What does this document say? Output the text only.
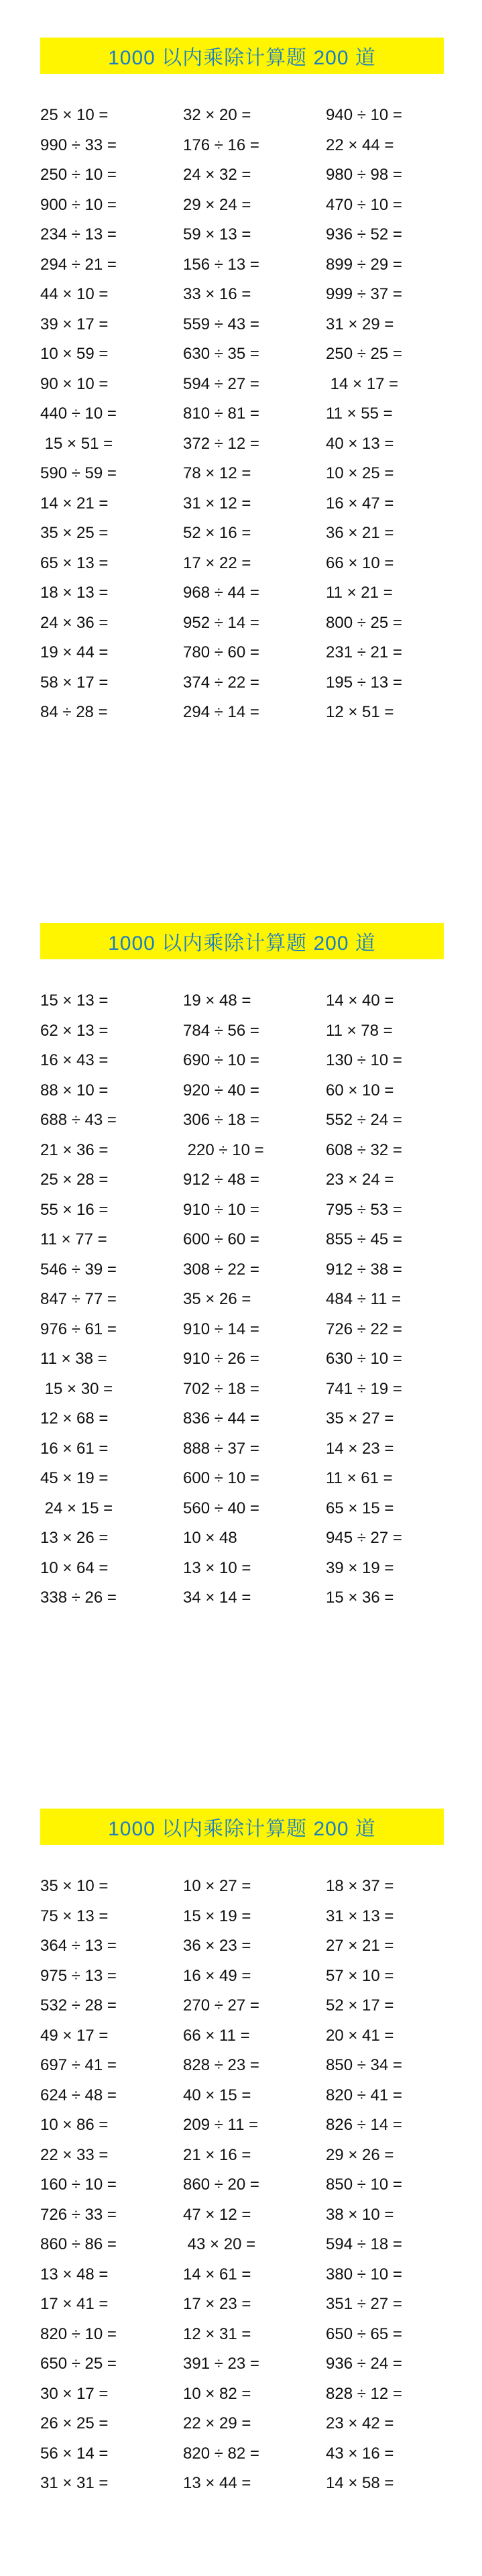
1000 以内乘除计算题 200 道
25 × 10 =	32 × 20 =	940 ÷ 10 =
990 ÷ 33 =	176 ÷ 16 =	22 × 44 =
250 ÷ 10 =	24 × 32 =	980 ÷ 98 =
900 ÷ 10 =	29 × 24 =	470 ÷ 10 =
234 ÷ 13 =	59 × 13 =	936 ÷ 52 =
294 ÷ 21 =	156 ÷ 13 =	899 ÷ 29 =
44 × 10 =	33 × 16 =	999 ÷ 37 =
39 × 17 =	559 ÷ 43 =	31 × 29 =
10 × 59 =	630 ÷ 35 =	250 ÷ 25 =
90 × 10 =	594 ÷ 27 =	14 × 17 =
440 ÷ 10 =	810 ÷ 81 =	11 × 55 =
15 × 51 =	372 ÷ 12 =	40 × 13 =
590 ÷ 59 =	78 × 12 =	10 × 25 =
14 × 21 =	31 × 12 =	16 × 47 =
35 × 25 =	52 × 16 =	36 × 21 =
65 × 13 =	17 × 22 =	66 × 10 =
18 × 13 =	968 ÷ 44 =	11 × 21 =
24 × 36 =	952 ÷ 14 =	800 ÷ 25 =
19 × 44 =	780 ÷ 60 =	231 ÷ 21 =
58 × 17 =	374 ÷ 22 =	195 ÷ 13 =
84 ÷ 28 =	294 ÷ 14 =	12 × 51 =
1000 以内乘除计算题 200 道
15 × 13 =	19 × 48 =	14 × 40 =
62 × 13 =	784 ÷ 56 =	11 × 78 =
16 × 43 =	690 ÷ 10 =	130 ÷ 10 =
88 × 10 =	920 ÷ 40 =	60 × 10 =
688 ÷ 43 =	306 ÷ 18 =	552 ÷ 24 =
21 × 36 =	220 ÷ 10 =	608 ÷ 32 =
25 × 28 =	912 ÷ 48 =	23 × 24 =
55 × 16 =	910 ÷ 10 =	795 ÷ 53 =
11 × 77 =	600 ÷ 60 =	855 ÷ 45 =
546 ÷ 39 =	308 ÷ 22 =	912 ÷ 38 =
847 ÷ 77 =	35 × 26 =	484 ÷ 11 =
976 ÷ 61 =	910 ÷ 14 =	726 ÷ 22 =
11 × 38 =	910 ÷ 26 =	630 ÷ 10 =
15 × 30 =	702 ÷ 18 =	741 ÷ 19 =
12 × 68 =	836 ÷ 44 =	35 × 27 =
16 × 61 =	888 ÷ 37 =	14 × 23 =
45 × 19 =	600 ÷ 10 =	11 × 61 =
24 × 15 =	560 ÷ 40 =	65 × 15 =
13 × 26 =	10 × 48	945 ÷ 27 =
10 × 64 =	13 × 10 =	39 × 19 =
338 ÷ 26 =	34 × 14 =	15 × 36 =
1000 以内乘除计算题 200 道
35 × 10 =	10 × 27 =	18 × 37 =
75 × 13 =	15 × 19 =	31 × 13 =
364 ÷ 13 =	36 × 23 =	27 × 21 =
975 ÷ 13 =	16 × 49 =	57 × 10 =
532 ÷ 28 =	270 ÷ 27 =	52 × 17 =
49 × 17 =	66 × 11 =	20 × 41 =
697 ÷ 41 =	828 ÷ 23 =	850 ÷ 34 =
624 ÷ 48 =	40 × 15 =	820 ÷ 41 =
10 × 86 =	209 ÷ 11 =	826 ÷ 14 =
22 × 33 =	21 × 16 =	29 × 26 =
160 ÷ 10 =	860 ÷ 20 =	850 ÷ 10 =
726 ÷ 33 =	47 × 12 =	38 × 10 =
860 ÷ 86 =	43 × 20 =	594 ÷ 18 =
13 × 48 =	14 × 61 =	380 ÷ 10 =
17 × 41 =	17 × 23 =	351 ÷ 27 =
820 ÷ 10 =	12 × 31 =	650 ÷ 65 =
650 ÷ 25 =	391 ÷ 23 =	936 ÷ 24 =
30 × 17 =	10 × 82 =	828 ÷ 12 =
26 × 25 =	22 × 29 =	23 × 42 =
56 × 14 =	820 ÷ 82 =	43 × 16 =
31 × 31 =	13 × 44 =	14 × 58 =
